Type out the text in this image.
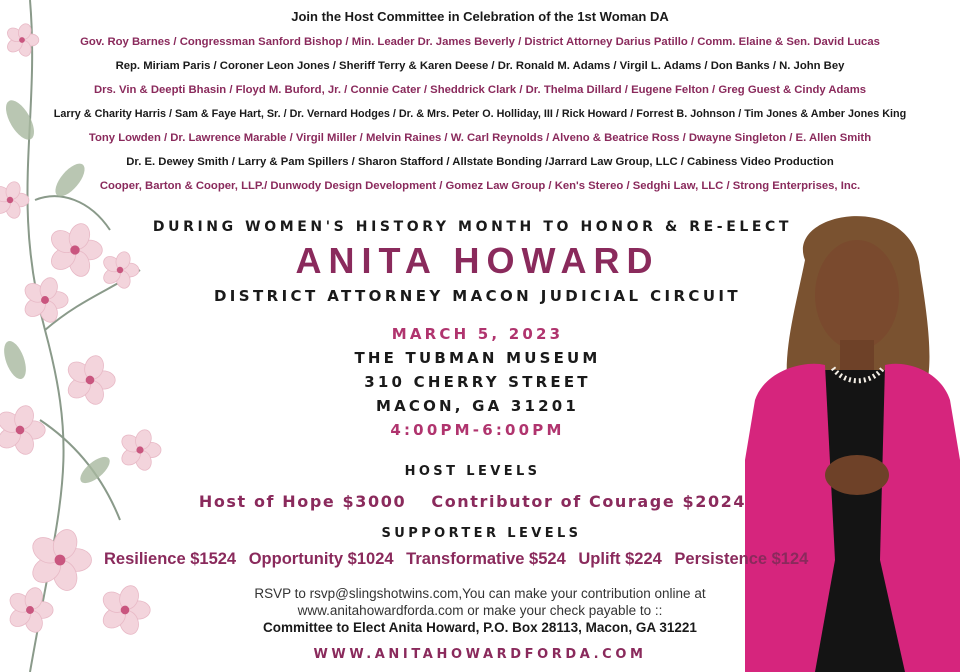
Join the Host Committee in Celebration of the 1st Woman DA
Gov. Roy Barnes / Congressman Sanford Bishop / Min. Leader Dr. James Beverly / District Attorney Darius Patillo / Comm. Elaine & Sen. David Lucas
Rep. Miriam Paris / Coroner Leon Jones / Sheriff Terry & Karen Deese / Dr. Ronald M. Adams / Virgil L. Adams / Don Banks / N. John Bey
Drs. Vin & Deepti Bhasin / Floyd M. Buford, Jr. / Connie Cater / Sheddrick Clark / Dr. Thelma Dillard / Eugene Felton / Greg Guest & Cindy Adams
Larry & Charity Harris / Sam & Faye Hart, Sr. / Dr. Vernard Hodges / Dr. & Mrs. Peter O. Holliday, III / Rick Howard / Forrest B. Johnson / Tim Jones & Amber Jones King
Tony Lowden / Dr. Lawrence Marable / Virgil Miller / Melvin Raines / W. Carl Reynolds / Alveno & Beatrice Ross / Dwayne Singleton / E. Allen Smith
Dr. E. Dewey Smith / Larry & Pam Spillers / Sharon Stafford / Allstate Bonding /Jarrard Law Group, LLC / Cabiness Video Production
Cooper, Barton & Cooper, LLP./ Dunwody Design Development / Gomez Law Group / Ken's Stereo / Sedghi Law, LLC / Strong Enterprises, Inc.
DURING WOMEN'S HISTORY MONTH TO HONOR & RE-ELECT
ANITA HOWARD
DISTRICT ATTORNEY MACON JUDICIAL CIRCUIT
MARCH 5, 2023
THE TUBMAN MUSEUM
310 CHERRY STREET
MACON, GA 31201
4:00PM-6:00PM
HOST LEVELS
Host of Hope $3000 Contributor of Courage $2024
SUPPORTER LEVELS
Resilience $1524 Opportunity $1024 Transformative $524 Uplift $224 Persistence $124
RSVP to rsvp@slingshotwins.com,You can make your contribution online at
www.anitahowardforda.com or make your check payable to ::
Committee to Elect Anita Howard, P.O. Box 28113, Macon, GA 31221
WWW.ANITAHOWARDFORDA.COM
